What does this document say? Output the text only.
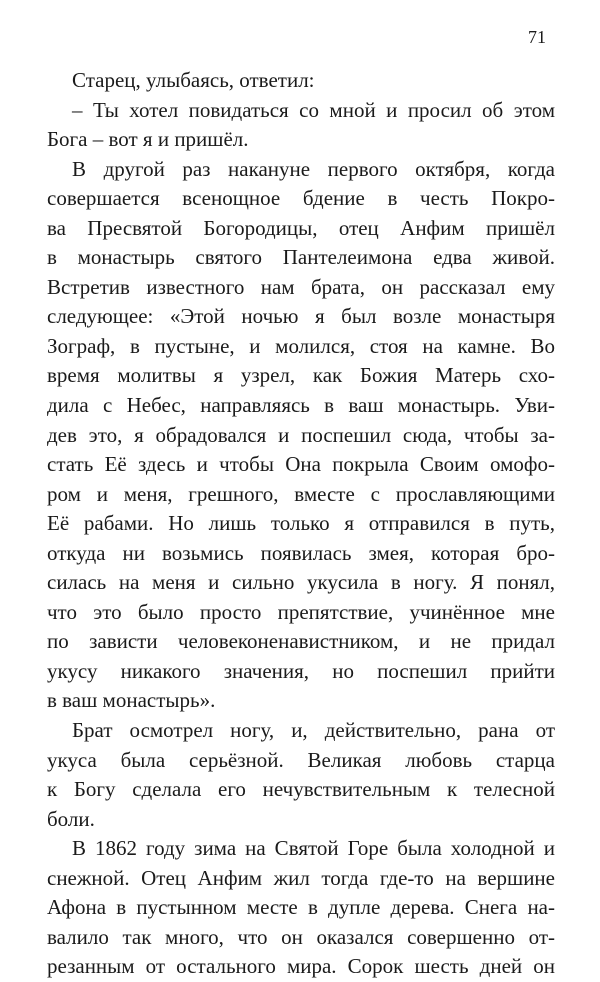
71
Старец, улыбаясь, ответил:
– Ты хотел повидаться со мной и просил об этом
Бога – вот я и пришёл.
В другой раз накануне первого октября, когда
совершается всенощное бдение в честь Покро-
ва Пресвятой Богородицы, отец Анфим пришёл
в монастырь святого Пантелеимона едва живой.
Встретив известного нам брата, он рассказал ему
следующее: «Этой ночью я был возле монастыря
Зограф, в пустыне, и молился, стоя на камне. Во
время молитвы я узрел, как Божия Матерь схо-
дила с Небес, направляясь в ваш монастырь. Уви-
дев это, я обрадовался и поспешил сюда, чтобы за-
стать Её здесь и чтобы Она покрыла Своим омофо-
ром и меня, грешного, вместе с прославляющими
Её рабами. Но лишь только я отправился в путь,
откуда ни возьмись появилась змея, которая бро-
силась на меня и сильно укусила в ногу. Я понял,
что это было просто препятствие, учинённое мне
по зависти человеконенавистником, и не придал
укусу никакого значения, но поспешил прийти
в ваш монастырь».
Брат осмотрел ногу, и, действительно, рана от
укуса была серьёзной. Великая любовь старца
к Богу сделала его нечувствительным к телесной
боли.
В 1862 году зима на Святой Горе была холодной и
снежной. Отец Анфим жил тогда где-то на вершине
Афона в пустынном месте в дупле дерева. Снега на-
валило так много, что он оказался совершенно от-
резанным от остального мира. Сорок шесть дней он
